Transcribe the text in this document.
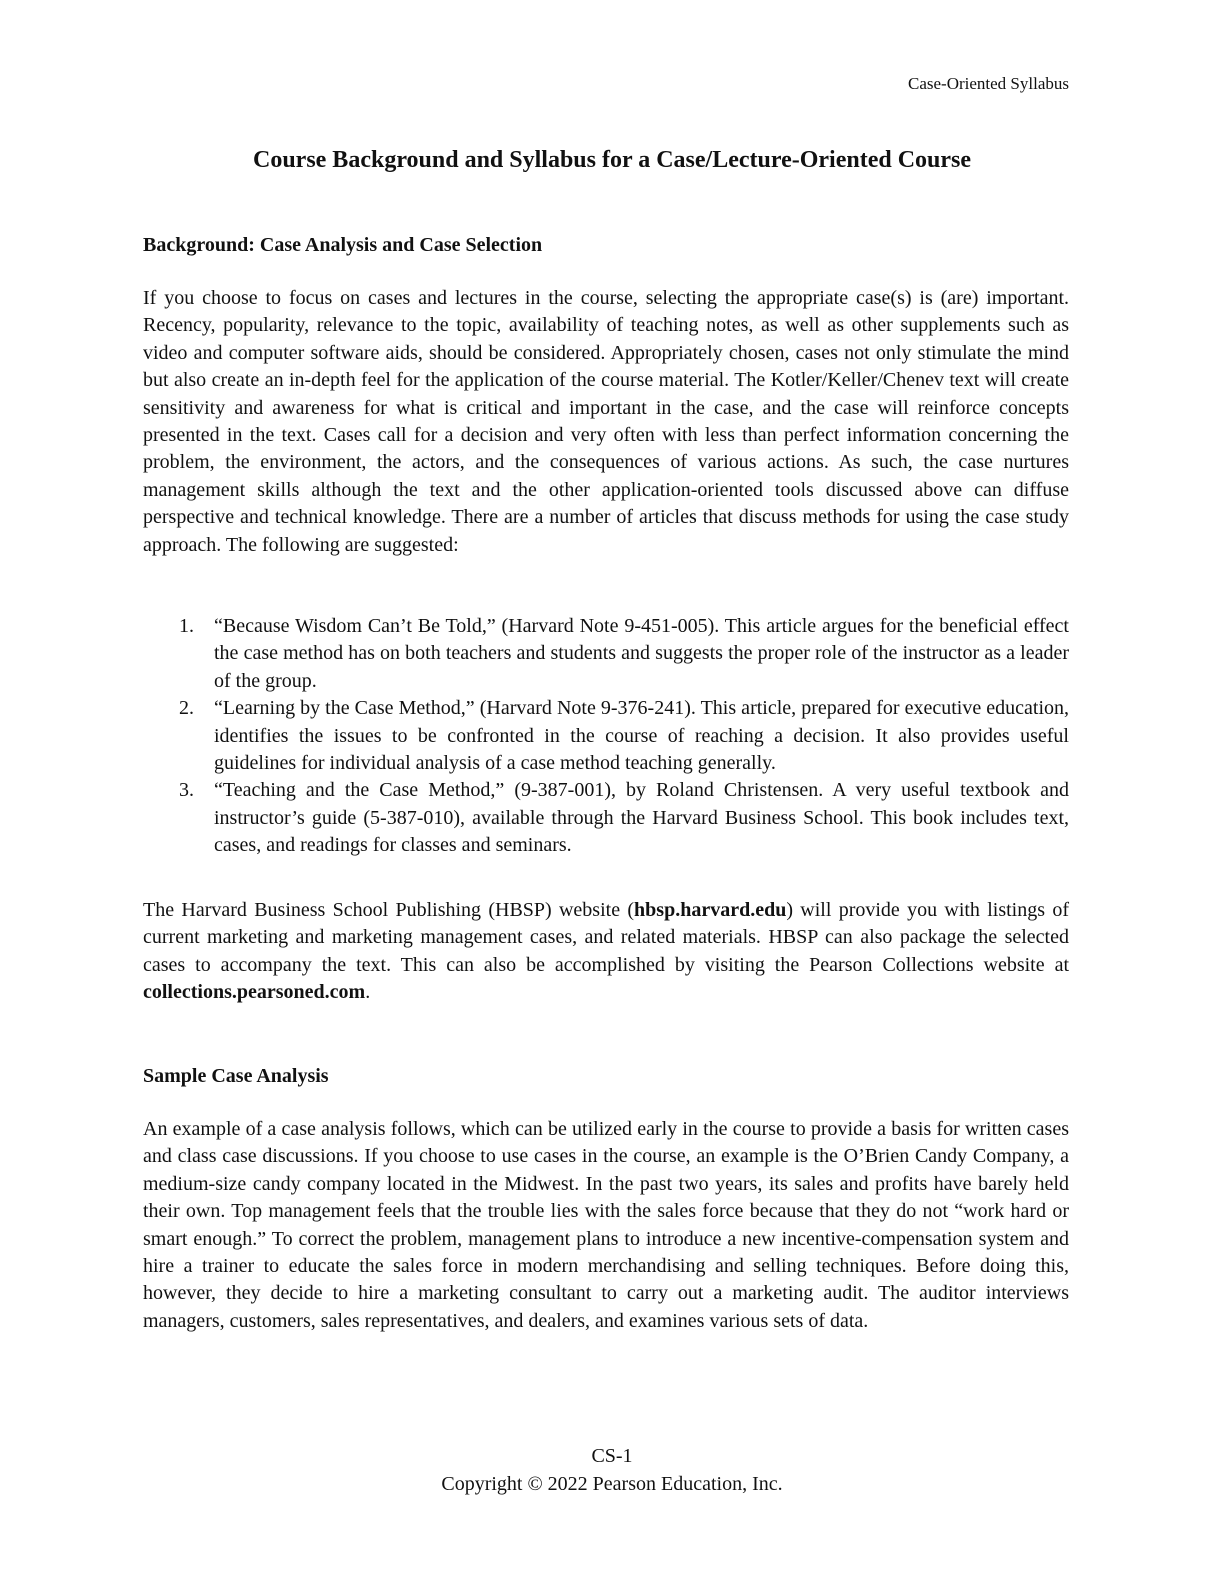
Case-Oriented Syllabus
Course Background and Syllabus for a Case/Lecture-Oriented Course
Background: Case Analysis and Case Selection

If you choose to focus on cases and lectures in the course, selecting the appropriate case(s) is (are) important. Recency, popularity, relevance to the topic, availability of teaching notes, as well as other supplements such as video and computer software aids, should be considered. Appropriately chosen, cases not only stimulate the mind but also create an in-depth feel for the application of the course material. The Kotler/Keller/Chenev text will create sensitivity and awareness for what is critical and important in the case, and the case will reinforce concepts presented in the text. Cases call for a decision and very often with less than perfect information concerning the problem, the environment, the actors, and the consequences of various actions. As such, the case nurtures management skills although the text and the other application-oriented tools discussed above can diffuse perspective and technical knowledge. There are a number of articles that discuss methods for using the case study approach. The following are suggested:

1. “Because Wisdom Can’t Be Told,” (Harvard Note 9-451-005). This article argues for the beneficial effect the case method has on both teachers and students and suggests the proper role of the instructor as a leader of the group.
2. “Learning by the Case Method,” (Harvard Note 9-376-241). This article, prepared for executive education, identifies the issues to be confronted in the course of reaching a decision. It also provides useful guidelines for individual analysis of a case method teaching generally.
3. “Teaching and the Case Method,” (9-387-001), by Roland Christensen. A very useful textbook and instructor’s guide (5-387-010), available through the Harvard Business School. This book includes text, cases, and readings for classes and seminars.

The Harvard Business School Publishing (HBSP) website (hbsp.harvard.edu) will provide you with listings of current marketing and marketing management cases, and related materials. HBSP can also package the selected cases to accompany the text. This can also be accomplished by visiting the Pearson Collections website at collections.pearsoned.com.

Sample Case Analysis

An example of a case analysis follows, which can be utilized early in the course to provide a basis for written cases and class case discussions. If you choose to use cases in the course, an example is the O’Brien Candy Company, a medium-size candy company located in the Midwest. In the past two years, its sales and profits have barely held their own. Top management feels that the trouble lies with the sales force because that they do not “work hard or smart enough.” To correct the problem, management plans to introduce a new incentive-compensation system and hire a trainer to educate the sales force in modern merchandising and selling techniques. Before doing this, however, they decide to hire a marketing consultant to carry out a marketing audit. The auditor interviews managers, customers, sales representatives, and dealers, and examines various sets of data.

CS-1
Copyright © 2022 Pearson Education, Inc.
